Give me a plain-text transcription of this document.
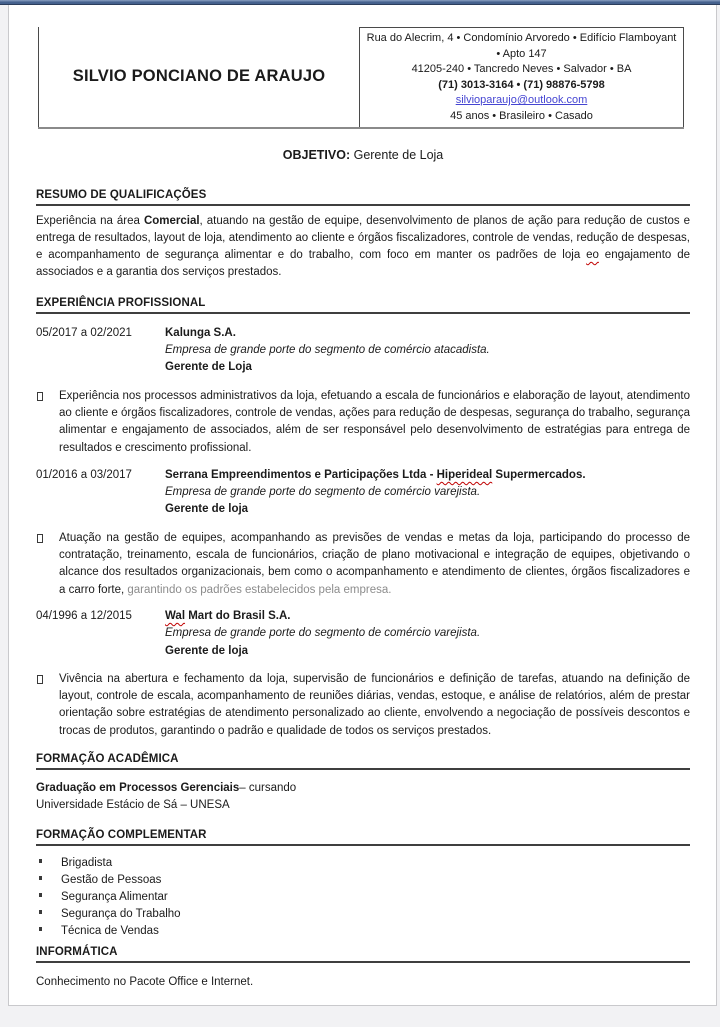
SILVIO PONCIANO DE ARAUJO
Rua do Alecrim, 4 • Condomínio Arvoredo • Edifício Flamboyant • Apto 147
41205-240 • Tancredo Neves • Salvador • BA
(71) 3013-3164 • (71) 98876-5798
silvioparaujo@outlook.com
45 anos • Brasileiro • Casado
OBJETIVO: Gerente de Loja
RESUMO DE QUALIFICAÇÕES

Experiência na área Comercial, atuando na gestão de equipe, desenvolvimento de planos de ação para redução de custos e entrega de resultados, layout de loja, atendimento ao cliente e órgãos fiscalizadores, controle de vendas, redução de despesas, e acompanhamento de segurança alimentar e do trabalho, com foco em manter os padrões de loja eo engajamento de associados e a garantia dos serviços prestados.

EXPERIÊNCIA PROFISSIONAL
05/2017 a 02/2021	Kalunga S.A.
Empresa de grande porte do segmento de comércio atacadista.
Gerente de Loja

Experiência nos processos administrativos da loja, efetuando a escala de funcionários e elaboração de layout, atendimento ao cliente e órgãos fiscalizadores, controle de vendas, ações para redução de despesas, segurança do trabalho, segurança alimentar e engajamento de associados, além de ser responsável pelo desenvolvimento de estratégias para entrega de resultados e crescimento profissional.

01/2016 a 03/2017	Serrana Empreendimentos e Participações Ltda - Hiperideal Supermercados.
Empresa de grande porte do segmento de comércio varejista.
Gerente de loja

Atuação na gestão de equipes, acompanhando as previsões de vendas e metas da loja, participando do processo de contratação, treinamento, escala de funcionários, criação de plano motivacional e integração de equipes, objetivando o alcance dos resultados organizacionais, bem como o acompanhamento e atendimento de clientes, órgãos fiscalizadores e a carro forte, garantindo os padrões estabelecidos pela empresa.

04/1996 a 12/2015	Wal Mart do Brasil S.A.
Empresa de grande porte do segmento de comércio varejista.
Gerente de loja

Vivência na abertura e fechamento da loja, supervisão de funcionários e definição de tarefas, atuando na definição de layout, controle de escala, acompanhamento de reuniões diárias, vendas, estoque, e análise de relatórios, além de prestar orientação sobre estratégias de atendimento personalizado ao cliente, envolvendo a negociação de possíveis descontos e trocas de produtos, garantindo o padrão e qualidade de todos os serviços prestados.

FORMAÇÃO ACADÊMICA
Graduação em Processos Gerenciais– cursando
Universidade Estácio de Sá – UNESA
FORMAÇÃO COMPLEMENTAR
Brigadista
Gestão de Pessoas
Segurança Alimentar
Segurança do Trabalho
Técnica de Vendas
INFORMÁTICA

Conhecimento no Pacote Office e Internet.
